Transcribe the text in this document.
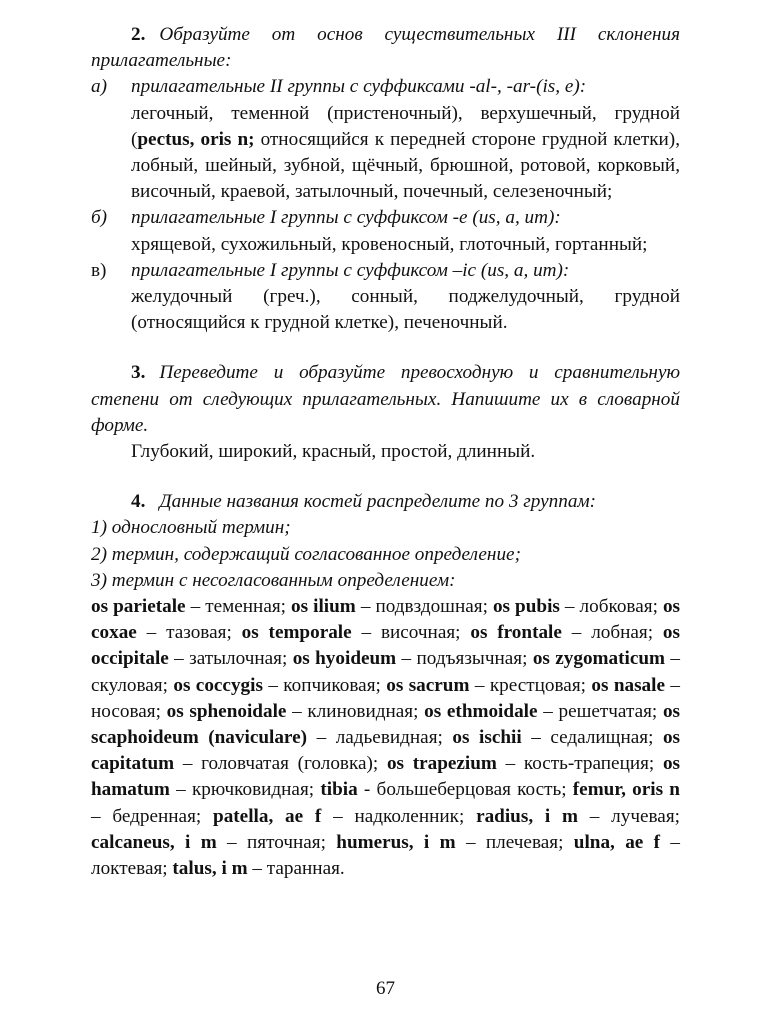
2. Образуйте от основ существительных III склонения прилагательные:

а) прилагательные II группы с суффиксами -al-, -ar-(is, e):
легочный, теменной (пристеночный), верхушечный, грудной (pectus, oris n; относящийся к передней стороне грудной клетки), лобный, шейный, зубной, щёчный, брюшной, ротовой, корковый, височный, краевой, затылочный, почечный, селезеночный;

б) прилагательные I группы с суффиксом -e (us, a, um):
хрящевой, сухожильный, кровеносный, глоточный, гортанный;

в) прилагательные I группы с суффиксом –ic (us, a, um):
желудочный (греч.), сонный, поджелудочный, грудной (относящийся к грудной клетке), печеночный.

3. Переведите и образуйте превосходную и сравнительную степени от следующих прилагательных. Напишите их в словарной форме.

Глубокий, широкий, красный, простой, длинный.

4. Данные названия костей распределите по 3 группам:

1) однословный термин;

2) термин, содержащий согласованное определение;

3) термин с несогласованным определением:

os parietale – теменная; os ilium – подвздошная; os pubis – лобковая; os coxae – тазовая; os temporale – височная; os frontale – лобная; os occipitale – затылочная; os hyoideum – подъязычная; os zygomaticum – скуловая; os coccygis – копчиковая; os sacrum – крестцовая; os nasale – носовая; os sphenoidale – клиновидная; os ethmoidale – решетчатая; os scaphoideum (naviculare) – ладьевидная; os ischii – седалищная; os capitatum – головчатая (головка); os trapezium – кость-трапеция; os hamatum – крючковидная; tibia - большеберцовая кость; femur, oris n – бедренная; patella, ae f – надколенник; radius, i m – лучевая; calcaneus, i m – пяточная; humerus, i m – плечевая; ulna, ae f – локтевая; talus, i m – таранная.

67
